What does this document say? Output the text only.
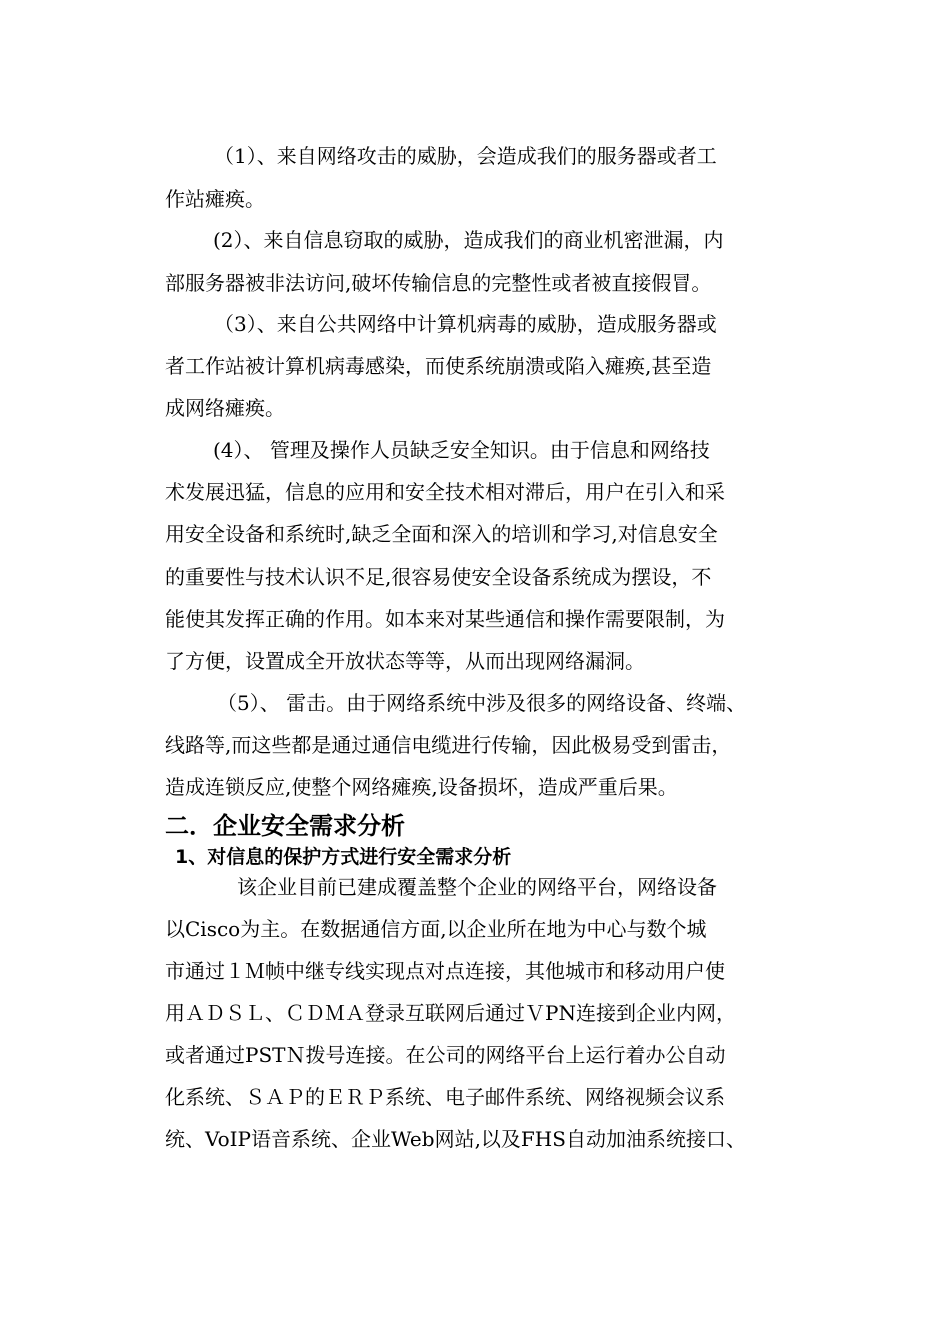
（1）、来自网络攻击的威胁，会造成我们的服务器或者工
作站瘫痪。
(2）、来自信息窃取的威胁，造成我们的商业机密泄漏，内
部服务器被非法访问,破坏传输信息的完整性或者被直接假冒。
（3）、来自公共网络中计算机病毒的威胁，造成服务器或
者工作站被计算机病毒感染，而使系统崩溃或陷入瘫痪,甚至造
成网络瘫痪。
(4）、 管理及操作人员缺乏安全知识。由于信息和网络技
术发展迅猛，信息的应用和安全技术相对滞后，用户在引入和采
用安全设备和系统时,缺乏全面和深入的培训和学习,对信息安全
的重要性与技术认识不足,很容易使安全设备系统成为摆设，不
能使其发挥正确的作用。如本来对某些通信和操作需要限制，为
了方便，设置成全开放状态等等，从而出现网络漏洞。
（5）、 雷击。由于网络系统中涉及很多的网络设备、终端、
线路等,而这些都是通过通信电缆进行传输，因此极易受到雷击，
造成连锁反应,使整个网络瘫痪,设备损坏，造成严重后果。
二．企业安全需求分析
1、对信息的保护方式进行安全需求分析
该企业目前已建成覆盖整个企业的网络平台，网络设备
以Cisco为主。在数据通信方面,以企业所在地为中心与数个城
市通过１Ｍ帧中继专线实现点对点连接，其他城市和移动用户使
用ＡＤＳＬ、ＣＤＭＡ登录互联网后通过ＶPN连接到企业内网，
或者通过PSTＮ拨号连接。在公司的网络平台上运行着办公自动
化系统、ＳＡＰ的ＥＲＰ系统、电子邮件系统、网络视频会议系
统、VoIP语音系统、企业Web网站,以及FHS自动加油系统接口、
